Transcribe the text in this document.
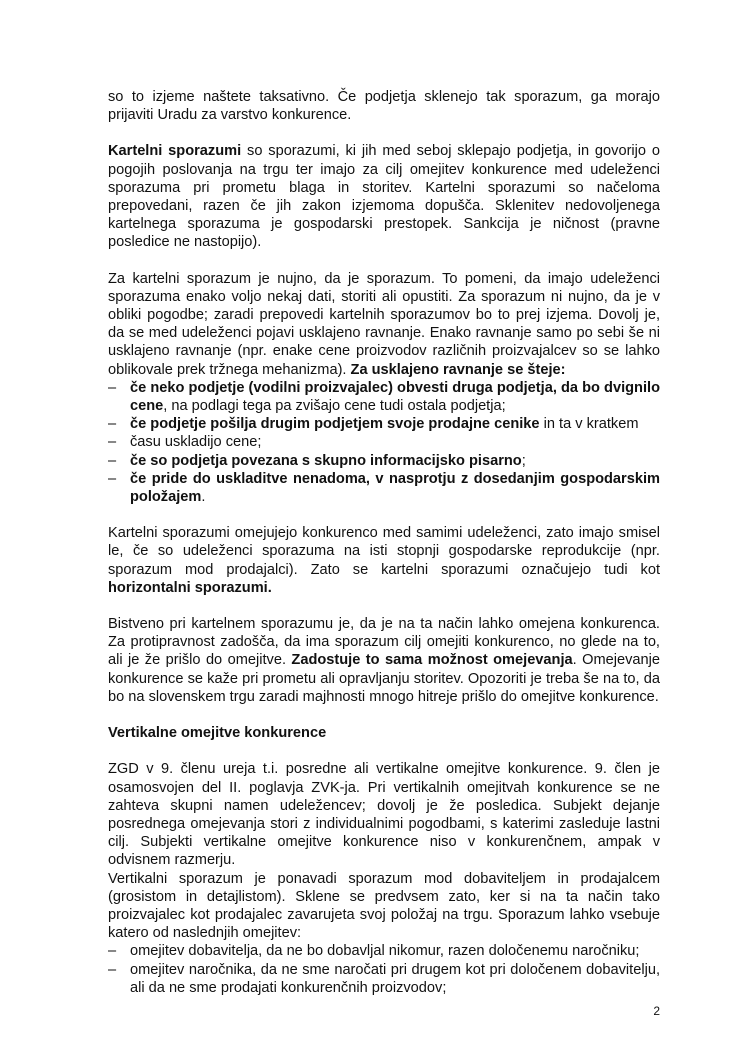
so to izjeme naštete taksativno. Če podjetja sklenejo tak sporazum, ga morajo prijaviti Uradu za varstvo konkurence.

Kartelni sporazumi so sporazumi, ki jih med seboj sklepajo podjetja, in govorijo o pogojih poslovanja na trgu ter imajo za cilj omejitev konkurence med udeleženci sporazuma pri prometu blaga in storitev. Kartelni sporazumi so načeloma prepovedani, razen če jih zakon izjemoma dopušča. Sklenitev nedovoljenega kartelnega sporazuma je gospodarski prestopek. Sankcija je ničnost (pravne posledice ne nastopijo).

Za kartelni sporazum je nujno, da je sporazum. To pomeni, da imajo udeleženci sporazuma enako voljo nekaj dati, storiti ali opustiti. Za sporazum ni nujno, da je v obliki pogodbe; zaradi prepovedi kartelnih sporazumov bo to prej izjema. Dovolj je, da se med udeleženci pojavi usklajeno ravnanje. Enako ravnanje samo po sebi še ni usklajeno ravnanje (npr. enake cene proizvodov različnih proizvajalcev so se lahko oblikovale prek tržnega mehanizma). Za usklajeno ravnanje se šteje:

– če neko podjetje (vodilni proizvajalec) obvesti druga podjetja, da bo dvignilo cene, na podlagi tega pa zvišajo cene tudi ostala podjetja;
– če podjetje pošilja drugim podjetjem svoje prodajne cenike in ta v kratkem
– času uskladijo cene;
– če so podjetja povezana s skupno informacijsko pisarno;
– če pride do uskladitve nenadoma, v nasprotju z dosedanjim gospodarskim položajem.

Kartelni sporazumi omejujejo konkurenco med samimi udeleženci, zato imajo smisel le, če so udeleženci sporazuma na isti stopnji gospodarske reprodukcije (npr. sporazum mod prodajalci). Zato se kartelni sporazumi označujejo tudi kot horizontalni sporazumi.

Bistveno pri kartelnem sporazumu je, da je na ta način lahko omejena konkurenca. Za protipravnost zadošča, da ima sporazum cilj omejiti konkurenco, no glede na to, ali je že prišlo do omejitve. Zadostuje to sama možnost omejevanja. Omejevanje konkurence se kaže pri prometu ali opravljanju storitev. Opozoriti je treba še na to, da bo na slovenskem trgu zaradi majhnosti mnogo hitreje prišlo do omejitve konkurence.

Vertikalne omejitve konkurence

ZGD v 9. členu ureja t.i. posredne ali vertikalne omejitve konkurence. 9. člen je osamosvojen del II. poglavja ZVK-ja. Pri vertikalnih omejitvah konkurence se ne zahteva skupni namen udeležencev; dovolj je že posledica. Subjekt dejanje posrednega omejevanja stori z individualnimi pogodbami, s katerimi zasleduje lastni cilj. Subjekti vertikalne omejitve konkurence niso v konkurenčnem, ampak v odvisnem razmerju.

Vertikalni sporazum je ponavadi sporazum mod dobaviteljem in prodajalcem (grosistom in detajlistom). Sklene se predvsem zato, ker si na ta način tako proizvajalec kot prodajalec zavarujeta svoj položaj na trgu. Sporazum lahko vsebuje katero od naslednjih omejitev:

– omejitev dobavitelja, da ne bo dobavljal nikomur, razen določenemu naročniku;
– omejitev naročnika, da ne sme naročati pri drugem kot pri določenem dobavitelju, ali da ne sme prodajati konkurenčnih proizvodov;
2
